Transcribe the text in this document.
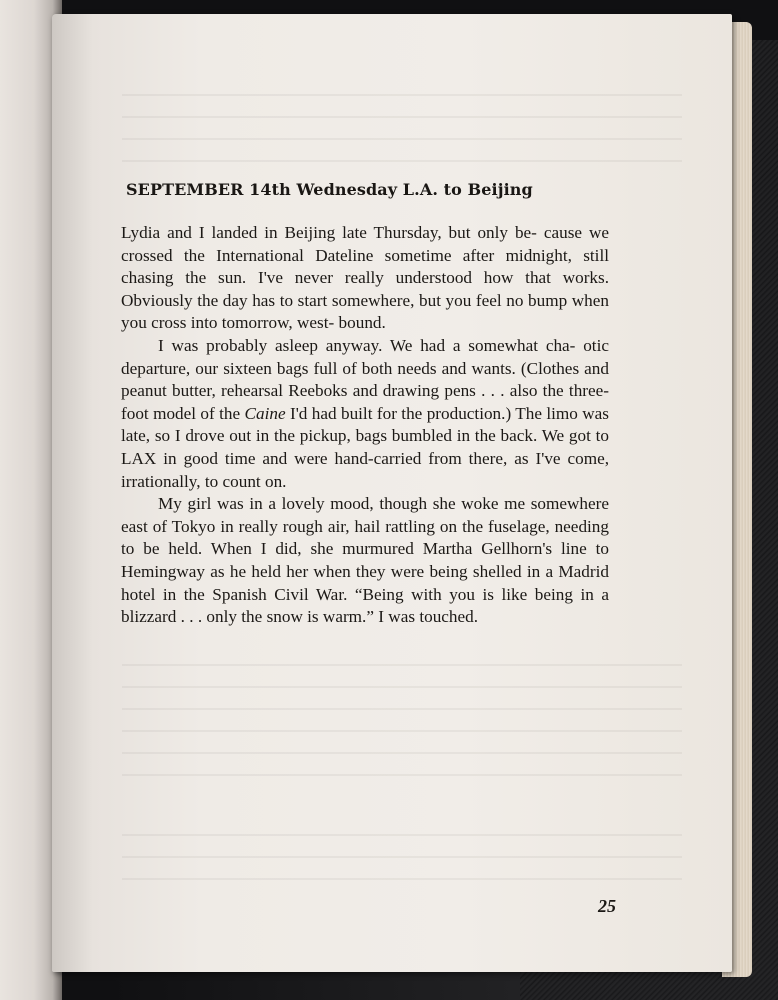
SEPTEMBER 14th Wednesday L.A. to Beijing

Lydia and I landed in Beijing late Thursday, but only be- cause we crossed the International Dateline sometime after midnight, still chasing the sun. I've never really understood how that works. Obviously the day has to start somewhere, but you feel no bump when you cross into tomorrow, west- bound.

I was probably asleep anyway. We had a somewhat cha- otic departure, our sixteen bags full of both needs and wants. (Clothes and peanut butter, rehearsal Reeboks and drawing pens . . . also the three-foot model of the Caine I'd had built for the production.) The limo was late, so I drove out in the pickup, bags bumbled in the back. We got to LAX in good time and were hand-carried from there, as I've come, irrationally, to count on.

My girl was in a lovely mood, though she woke me somewhere east of Tokyo in really rough air, hail rattling on the fuselage, needing to be held. When I did, she murmured Martha Gellhorn's line to Hemingway as he held her when they were being shelled in a Madrid hotel in the Spanish Civil War. “Being with you is like being in a blizzard . . . only the snow is warm.” I was touched.

25
